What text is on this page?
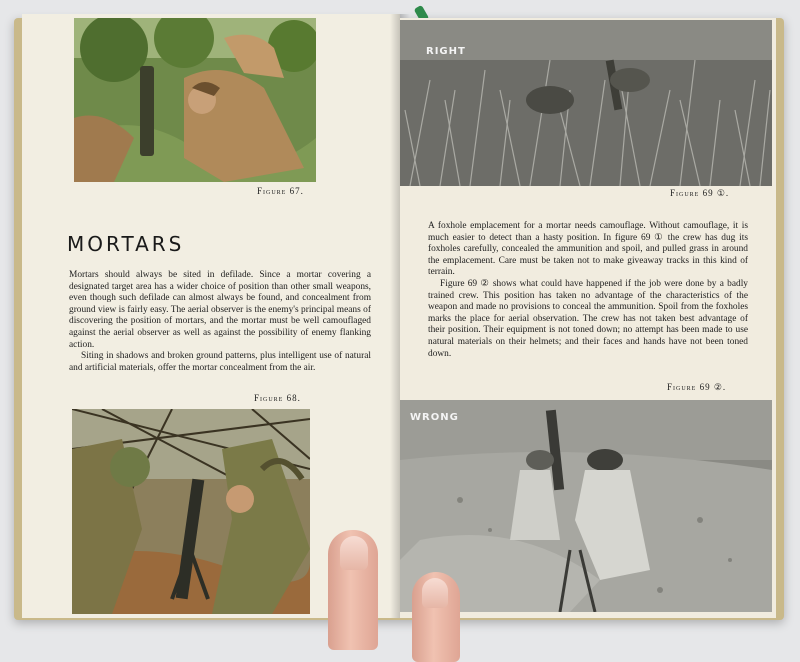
Figure 67.
MORTARS

Mortars should always be sited in defilade. Since a mortar covering a designated target area has a wider choice of position than other small weapons, even though such defilade can almost always be found, and concealment from ground view is fairly easy. The aerial observer is the enemy's principal means of discovering the position of mortars, and the mortar must be well camouflaged against the aerial observer as well as against the possibility of enemy flanking action.

Siting in shadows and broken ground patterns, plus intelligent use of natural and artificial materials, offer the mortar concealment from the air.

Figure 68.
RIGHT
Figure 69 ①.

A foxhole emplacement for a mortar needs camouflage. Without camouflage, it is much easier to detect than a hasty position. In figure 69 ① the crew has dug its foxholes carefully, concealed the ammunition and spoil, and pulled grass in around the emplacement. Care must be taken not to make giveaway tracks in this kind of terrain.

Figure 69 ② shows what could have happened if the job were done by a badly trained crew. This position has taken no advantage of the characteristics of the weapon and made no provisions to conceal the ammunition. Spoil from the foxholes marks the place for aerial observation. The crew has not taken best advantage of their position. Their equipment is not toned down; no attempt has been made to use natural materials on their helmets; and their faces and hands have not been toned down.

Figure 69 ②.
WRONG
